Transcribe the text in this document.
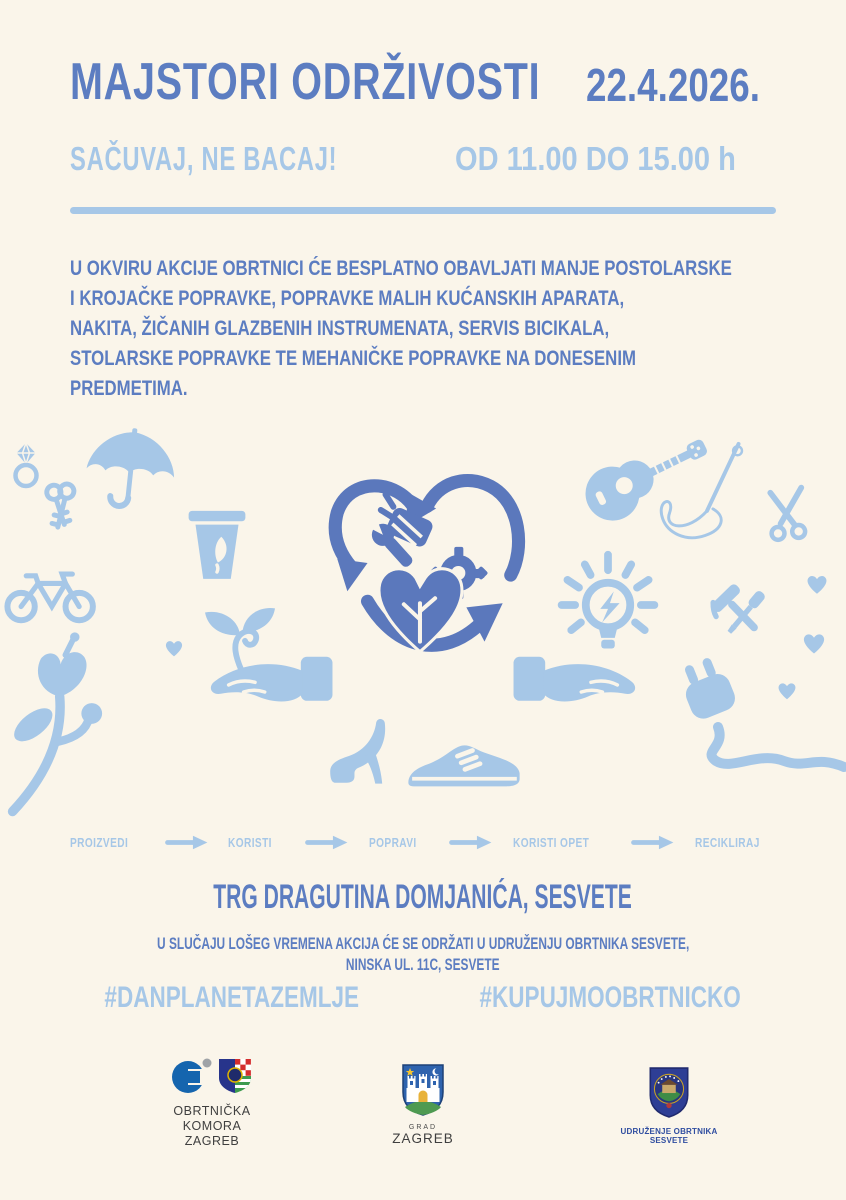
MAJSTORI ODRŽIVOSTI 22.4.2026.
SAČUVAJ, NE BACAJ!	OD 11.00 DO 15.00 h
U OKVIRU AKCIJE OBRTNICI ĆE BESPLATNO OBAVLJATI MANJE POSTOLARSKE
I KROJAČKE POPRAVKE, POPRAVKE MALIH KUĆANSKIH APARATA,
NAKITA, ŽIČANIH GLAZBENIH INSTRUMENATA, SERVIS BICIKALA,
STOLARSKE POPRAVKE TE MEHANIČKE POPRAVKE NA DONESENIM
PREDMETIMA.
PROIZVEDI	KORISTI	POPRAVI	KORISTI OPET	RECIKLIRAJ
TRG DRAGUTINA DOMJANIĆA, SESVETE
U SLUČAJU LOŠEG VREMENA AKCIJA ĆE SE ODRŽATI U UDRUŽENJU OBRTNIKA SESVETE,
NINSKA UL. 11C, SESVETE
#DANPLANETAZEMLJE	#KUPUJMOOBRTNICKO
OBRTNIČKA
KOMORA
ZAGREB
GRAD
ZAGREB	UDRUŽENJE OBRTNIKA SESVETE
